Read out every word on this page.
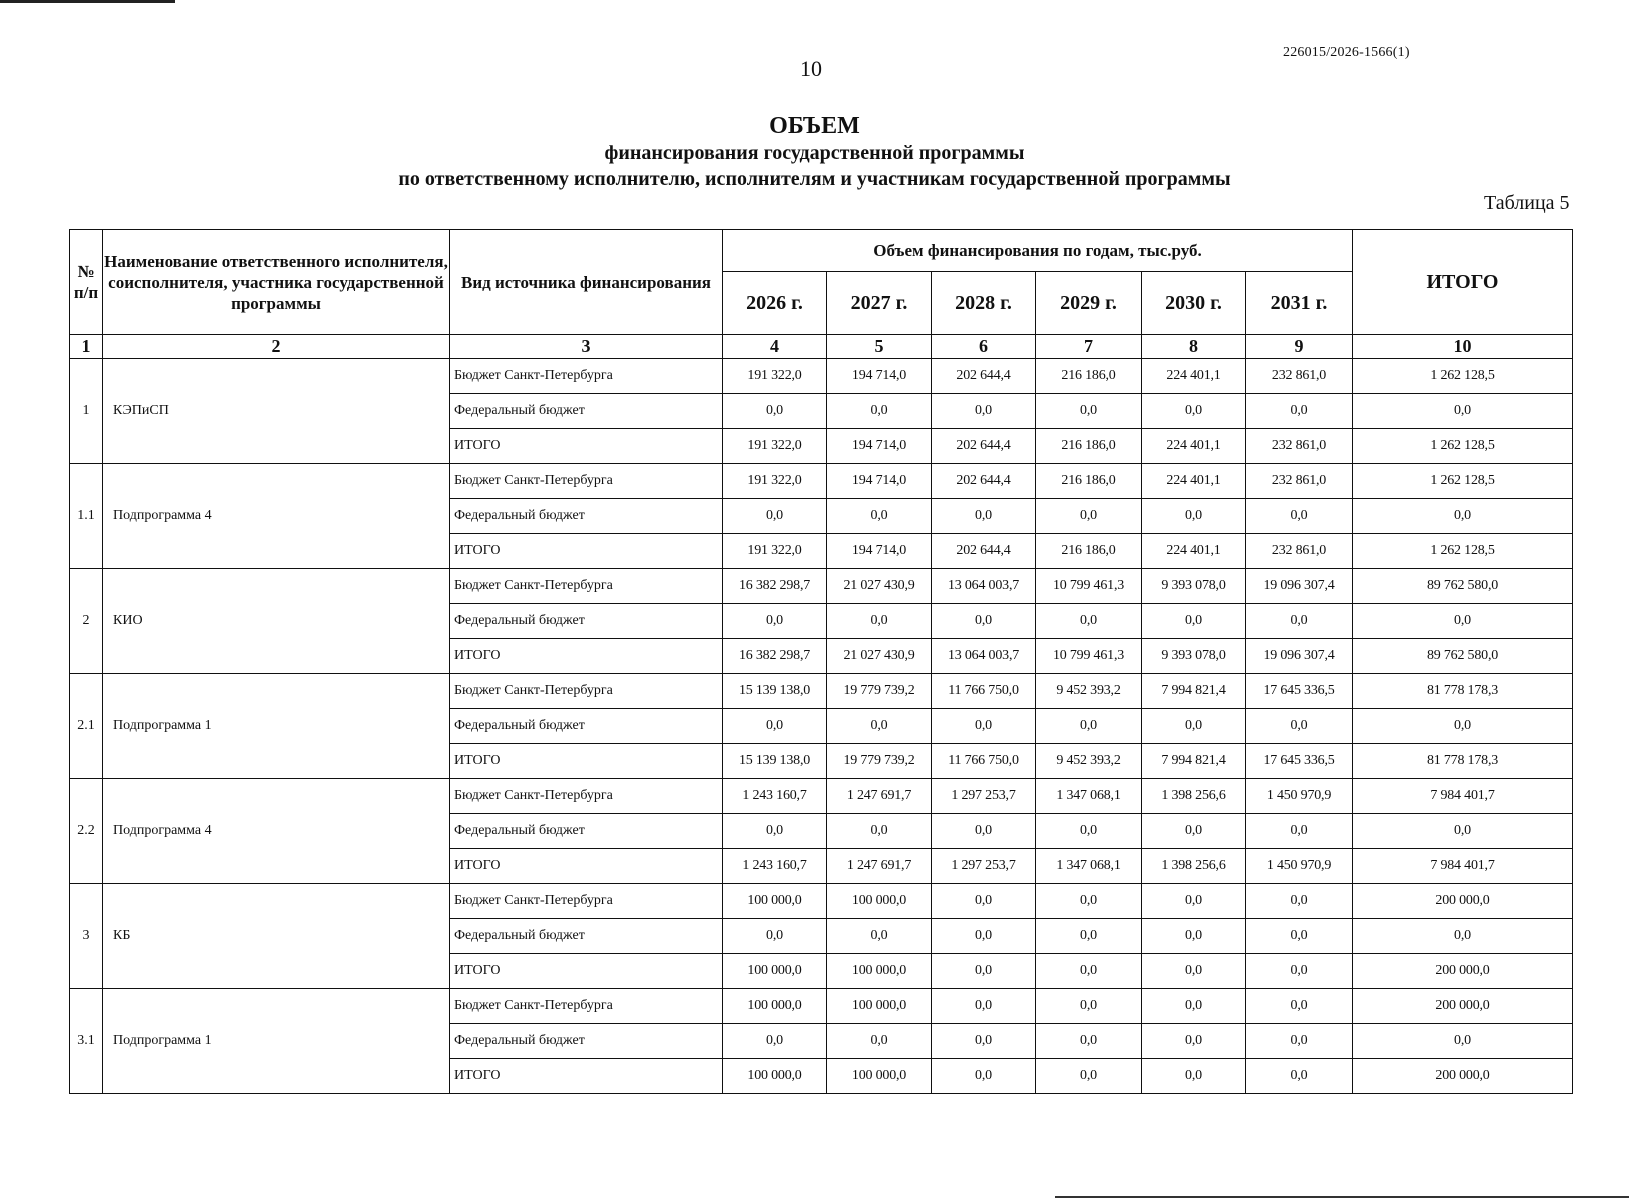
10
226015/2026-1566(1)
ОБЪЕМ
финансирования государственной программы
по ответственному исполнителю, исполнителям и участникам государственной программы
Таблица 5
№ п/п	Наименование ответственного исполнителя, соисполнителя, участника государственной программы	Вид источника финансирования	Объем финансирования по годам, тыс.руб.						ИТОГО
			2026 г.	2027 г.	2028 г.	2029 г.	2030 г.	2031 г.	
1	2	3	4	5	6	7	8	9	10
1	КЭПиСП	Бюджет Санкт-Петербурга	191 322,0	194 714,0	202 644,4	216 186,0	224 401,1	232 861,0	1 262 128,5
		Федеральный бюджет	0,0	0,0	0,0	0,0	0,0	0,0	0,0
		ИТОГО	191 322,0	194 714,0	202 644,4	216 186,0	224 401,1	232 861,0	1 262 128,5
1.1	Подпрограмма 4	Бюджет Санкт-Петербурга	191 322,0	194 714,0	202 644,4	216 186,0	224 401,1	232 861,0	1 262 128,5
		Федеральный бюджет	0,0	0,0	0,0	0,0	0,0	0,0	0,0
		ИТОГО	191 322,0	194 714,0	202 644,4	216 186,0	224 401,1	232 861,0	1 262 128,5
2	КИО	Бюджет Санкт-Петербурга	16 382 298,7	21 027 430,9	13 064 003,7	10 799 461,3	9 393 078,0	19 096 307,4	89 762 580,0
		Федеральный бюджет	0,0	0,0	0,0	0,0	0,0	0,0	0,0
		ИТОГО	16 382 298,7	21 027 430,9	13 064 003,7	10 799 461,3	9 393 078,0	19 096 307,4	89 762 580,0
2.1	Подпрограмма 1	Бюджет Санкт-Петербурга	15 139 138,0	19 779 739,2	11 766 750,0	9 452 393,2	7 994 821,4	17 645 336,5	81 778 178,3
		Федеральный бюджет	0,0	0,0	0,0	0,0	0,0	0,0	0,0
		ИТОГО	15 139 138,0	19 779 739,2	11 766 750,0	9 452 393,2	7 994 821,4	17 645 336,5	81 778 178,3
2.2	Подпрограмма 4	Бюджет Санкт-Петербурга	1 243 160,7	1 247 691,7	1 297 253,7	1 347 068,1	1 398 256,6	1 450 970,9	7 984 401,7
		Федеральный бюджет	0,0	0,0	0,0	0,0	0,0	0,0	0,0
		ИТОГО	1 243 160,7	1 247 691,7	1 297 253,7	1 347 068,1	1 398 256,6	1 450 970,9	7 984 401,7
3	КБ	Бюджет Санкт-Петербурга	100 000,0	100 000,0	0,0	0,0	0,0	0,0	200 000,0
		Федеральный бюджет	0,0	0,0	0,0	0,0	0,0	0,0	0,0
		ИТОГО	100 000,0	100 000,0	0,0	0,0	0,0	0,0	200 000,0
3.1	Подпрограмма 1	Бюджет Санкт-Петербурга	100 000,0	100 000,0	0,0	0,0	0,0	0,0	200 000,0
		Федеральный бюджет	0,0	0,0	0,0	0,0	0,0	0,0	0,0
		ИТОГО	100 000,0	100 000,0	0,0	0,0	0,0	0,0	200 000,0
